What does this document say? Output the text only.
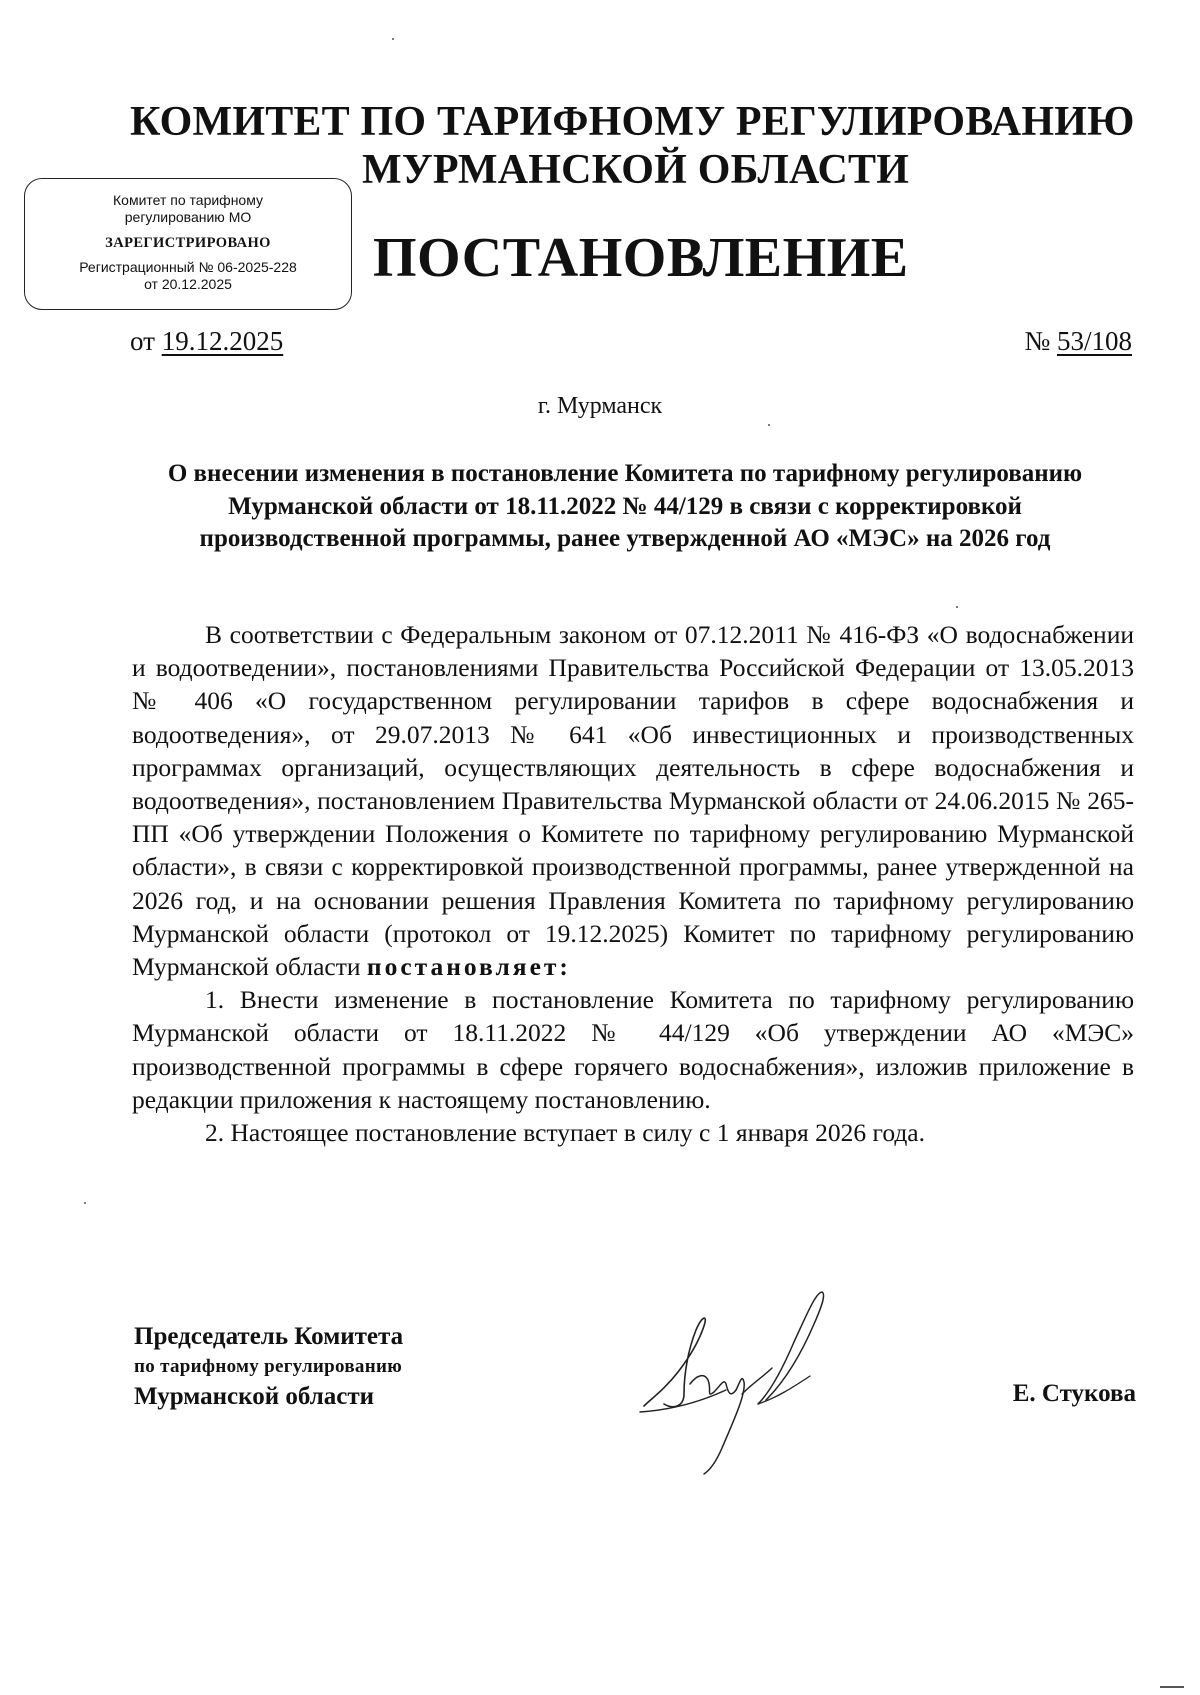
КОМИТЕТ ПО ТАРИФНОМУ РЕГУЛИРОВАНИЮ
МУРМАНСКОЙ ОБЛАСТИ
Комитет по тарифному
регулированию МО
ЗАРЕГИСТРИРОВАНО
Регистрационный № 06-2025-228
от 20.12.2025	ПОСТАНОВЛЕНИЕ
от 19.12.2025	№ 53/108
г. Мурманск
О внесении изменения в постановление Комитета по тарифному регулированию Мурманской области от 18.11.2022 № 44/129 в связи с корректировкой производственной программы, ранее утвержденной АО «МЭС» на 2026 год

В соответствии с Федеральным законом от 07.12.2011 № 416-ФЗ «О водоснабжении и водоотведении», постановлениями Правительства Российской Федерации от 13.05.2013 № 406 «О государственном регулировании тарифов в сфере водоснабжения и водоотведения», от 29.07.2013 № 641 «Об инвестиционных и производственных программах организаций, осуществляющих деятельность в сфере водоснабжения и водоотведения», постановлением Правительства Мурманской области от 24.06.2015 № 265-ПП «Об утверждении Положения о Комитете по тарифному регулированию Мурманской области», в связи с корректировкой производственной программы, ранее утвержденной на 2026 год, и на основании решения Правления Комитета по тарифному регулированию Мурманской области (протокол от 19.12.2025) Комитет по тарифному регулированию Мурманской области постановляет:

1. Внести изменение в постановление Комитета по тарифному регулированию Мурманской области от 18.11.2022 № 44/129 «Об утверждении АО «МЭС» производственной программы в сфере горячего водоснабжения», изложив приложение в редакции приложения к настоящему постановлению.

2. Настоящее постановление вступает в силу с 1 января 2026 года.

Председатель Комитета
по тарифному регулированию
Мурманской области	Е. Стукова
